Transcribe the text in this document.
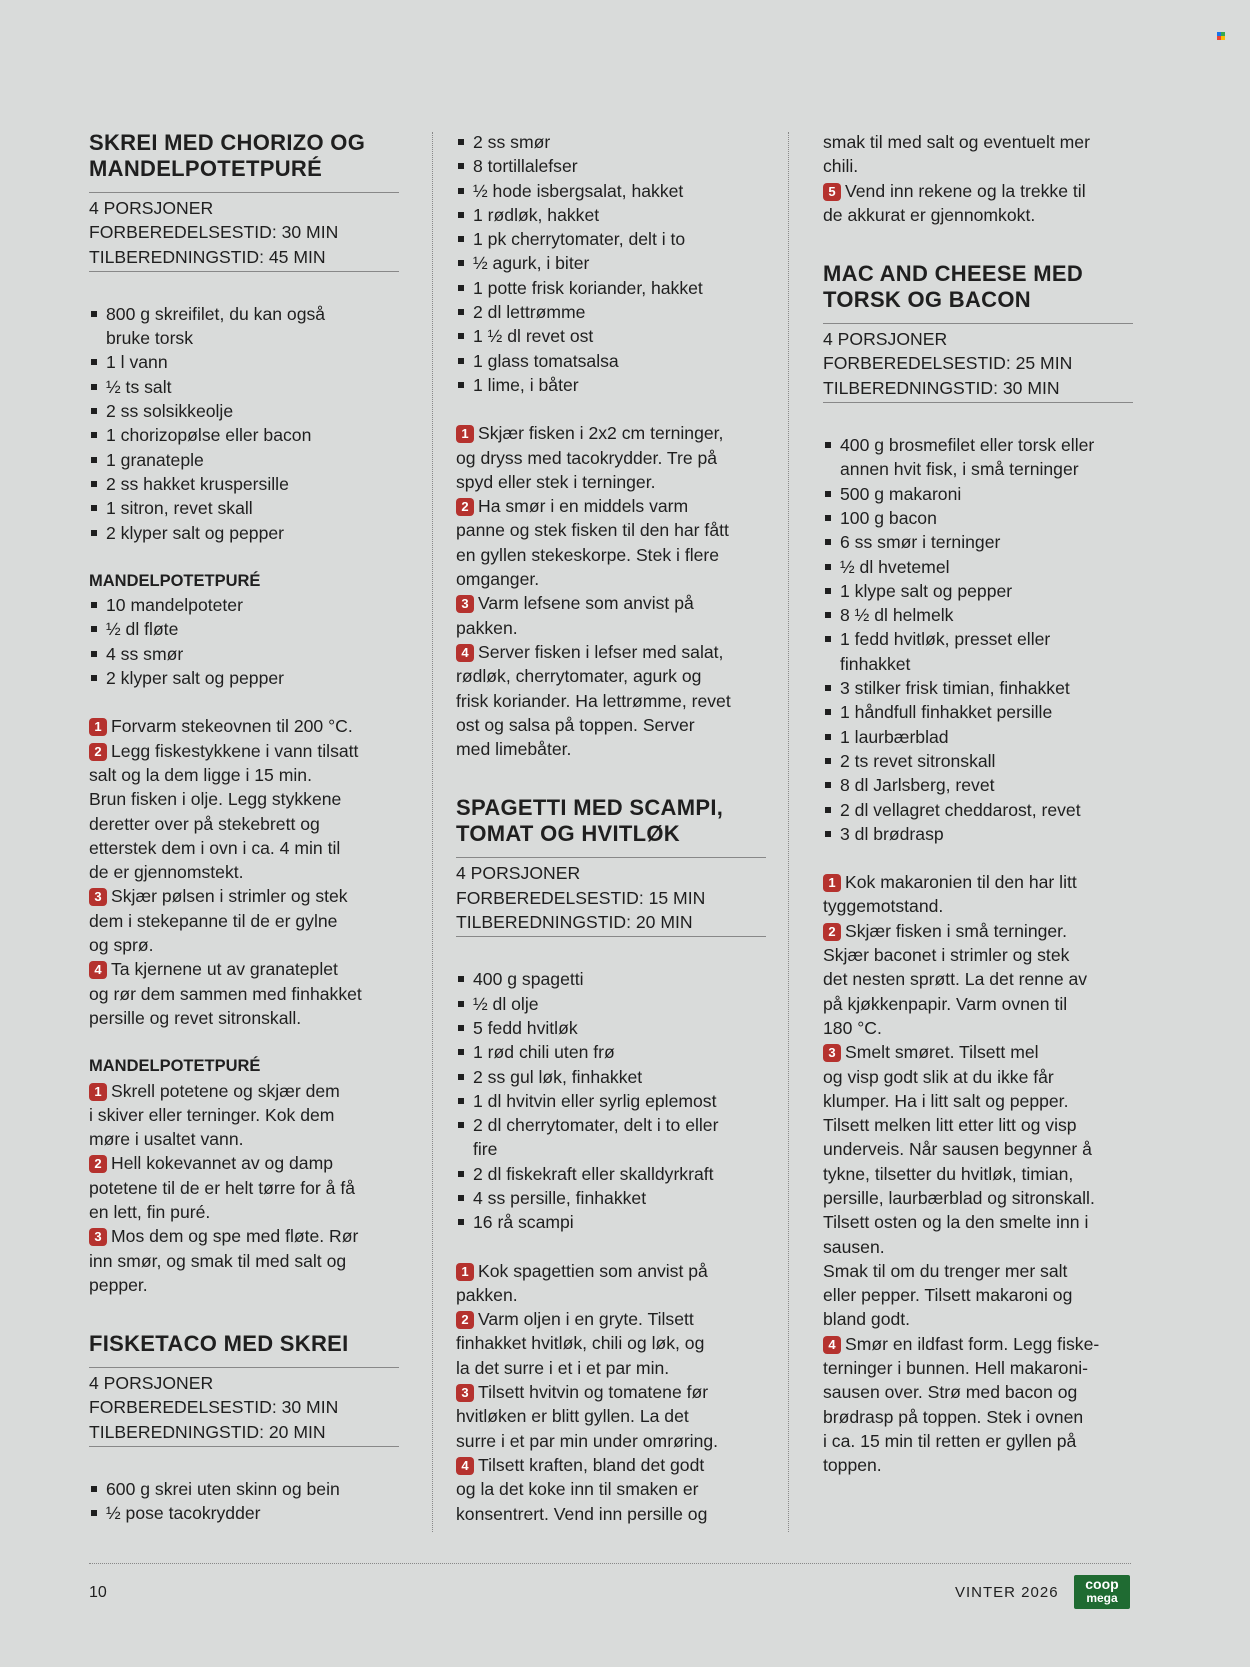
SKREI MED CHORIZO OG
MANDELPOTETPURÉ
4 PORSJONER
FORBEREDELSESTID: 30 MIN
TILBEREDNINGSTID: 45 MIN
800 g skreifilet, du kan også
bruke torsk
1 l vann
½ ts salt
2 ss solsikkeolje
1 chorizopølse eller bacon
1 granateple
2 ss hakket kruspersille
1 sitron, revet skall
2 klyper salt og pepper
MANDELPOTETPURÉ
10 mandelpoteter
½ dl fløte
4 ss smør
2 klyper salt og pepper
1 Forvarm stekeovnen til 200 °C.
2 Legg fiskestykkene i vann tilsatt
salt og la dem ligge i 15 min.
Brun fisken i olje. Legg stykkene
deretter over på stekebrett og
etterstek dem i ovn i ca. 4 min til
de er gjennomstekt.
3 Skjær pølsen i strimler og stek
dem i stekepanne til de er gylne
og sprø.
4 Ta kjernene ut av granateplet
og rør dem sammen med finhakket
persille og revet sitronskall.
MANDELPOTETPURÉ
1 Skrell potetene og skjær dem
i skiver eller terninger. Kok dem
møre i usaltet vann.
2 Hell kokevannet av og damp
potetene til de er helt tørre for å få
en lett, fin puré.
3 Mos dem og spe med fløte. Rør
inn smør, og smak til med salt og
pepper.
FISKETACO MED SKREI
4 PORSJONER
FORBEREDELSESTID: 30 MIN
TILBEREDNINGSTID: 20 MIN
600 g skrei uten skinn og bein
½ pose tacokrydder
2 ss smør
8 tortillalefser
½ hode isbergsalat, hakket
1 rødløk, hakket
1 pk cherrytomater, delt i to
½ agurk, i biter
1 potte frisk koriander, hakket
2 dl lettrømme
1 ½ dl revet ost
1 glass tomatsalsa
1 lime, i båter
1 Skjær fisken i 2x2 cm terninger,
og dryss med tacokrydder. Tre på
spyd eller stek i terninger.
2 Ha smør i en middels varm
panne og stek fisken til den har fått
en gyllen stekeskorpe. Stek i flere
omganger.
3 Varm lefsene som anvist på
pakken.
4 Server fisken i lefser med salat,
rødløk, cherrytomater, agurk og
frisk koriander. Ha lettrømme, revet
ost og salsa på toppen. Server
med limebåter.
SPAGETTI MED SCAMPI,
TOMAT OG HVITLØK
4 PORSJONER
FORBEREDELSESTID: 15 MIN
TILBEREDNINGSTID: 20 MIN
400 g spagetti
½ dl olje
5 fedd hvitløk
1 rød chili uten frø
2 ss gul løk, finhakket
1 dl hvitvin eller syrlig eplemost
2 dl cherrytomater, delt i to eller
fire
2 dl fiskekraft eller skalldyrkraft
4 ss persille, finhakket
16 rå scampi
1 Kok spagettien som anvist på
pakken.
2 Varm oljen i en gryte. Tilsett
finhakket hvitløk, chili og løk, og
la det surre i et i et par min.
3 Tilsett hvitvin og tomatene før
hvitløken er blitt gyllen. La det
surre i et par min under omrøring.
4 Tilsett kraften, bland det godt
og la det koke inn til smaken er
konsentrert. Vend inn persille og
smak til med salt og eventuelt mer
chili.
5 Vend inn rekene og la trekke til
de akkurat er gjennomkokt.
MAC AND CHEESE MED
TORSK OG BACON
4 PORSJONER
FORBEREDELSESTID: 25 MIN
TILBEREDNINGSTID: 30 MIN
400 g brosmefilet eller torsk eller
annen hvit fisk, i små terninger
500 g makaroni
100 g bacon
6 ss smør i terninger
½ dl hvetemel
1 klype salt og pepper
8 ½ dl helmelk
1 fedd hvitløk, presset eller
finhakket
3 stilker frisk timian, finhakket
1 håndfull finhakket persille
1 laurbærblad
2 ts revet sitronskall
8 dl Jarlsberg, revet
2 dl vellagret cheddarost, revet
3 dl brødrasp
1 Kok makaronien til den har litt
tyggemotstand.
2 Skjær fisken i små terninger.
Skjær baconet i strimler og stek
det nesten sprøtt. La det renne av
på kjøkkenpapir. Varm ovnen til
180 °C.
3 Smelt smøret. Tilsett mel
og visp godt slik at du ikke får
klumper. Ha i litt salt og pepper.
Tilsett melken litt etter litt og visp
underveis. Når sausen begynner å
tykne, tilsetter du hvitløk, timian,
persille, laurbærblad og sitronskall.
Tilsett osten og la den smelte inn i
sausen.
Smak til om du trenger mer salt
eller pepper. Tilsett makaroni og
bland godt.
4 Smør en ildfast form. Legg fiske-
terninger i bunnen. Hell makaroni-
sausen over. Strø med bacon og
brødrasp på toppen. Stek i ovnen
i ca. 15 min til retten er gyllen på
toppen.
10	VINTER 2026	coop
mega
